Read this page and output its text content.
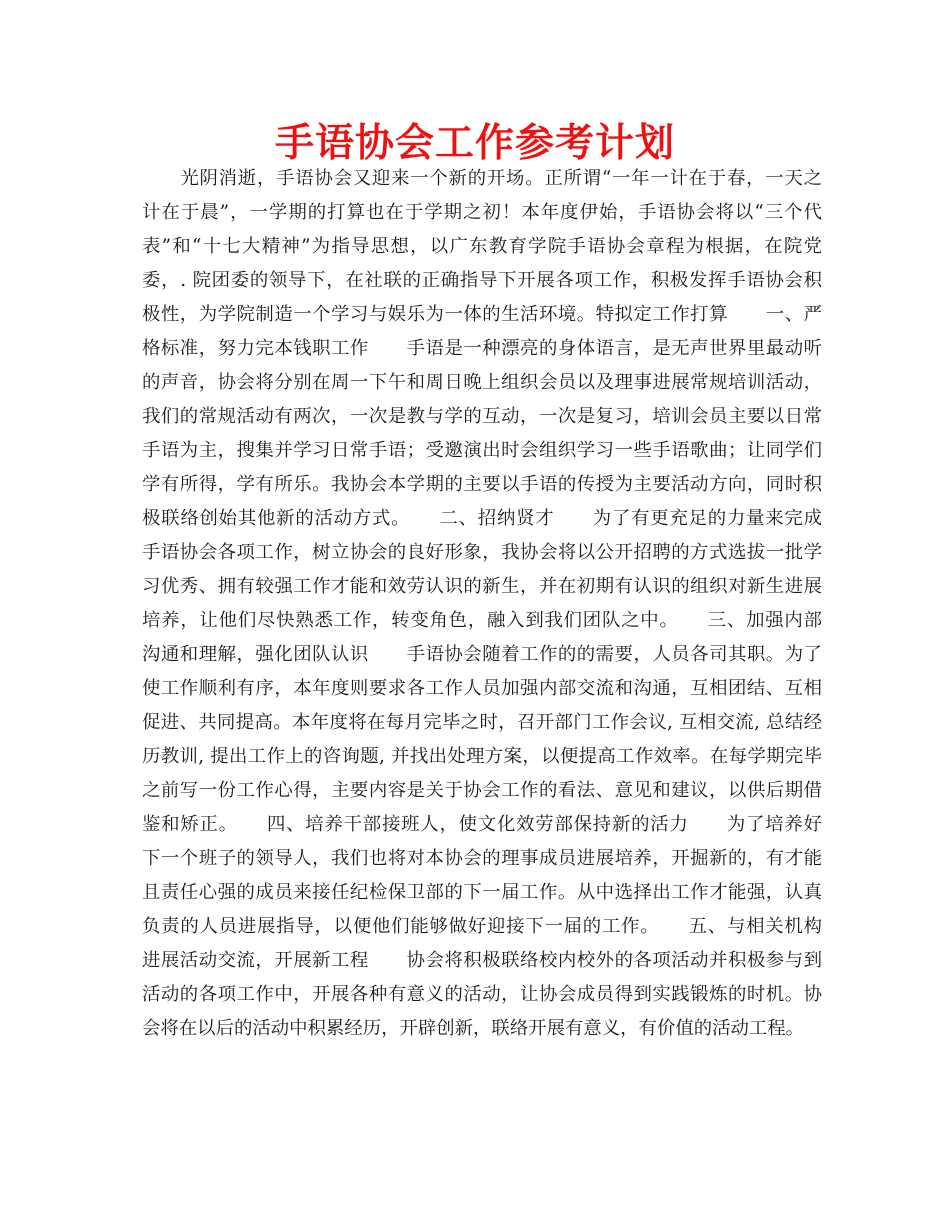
手语协会工作参考计划
　　光阴消逝，手语协会又迎来一个新的开场。正所谓“一年一计在于春，一天之
计在于晨”，一学期的打算也在于学期之初！本年度伊始，手语协会将以“三个代
表”和“十七大精神”为指导思想，以广东教育学院手语协会章程为根据，在院党
委，. 院团委的领导下，在社联的正确指导下开展各项工作，积极发挥手语协会积
极性，为学院制造一个学习与娱乐为一体的生活环境。特拟定工作打算　　一、严
格标准，努力完本钱职工作　　手语是一种漂亮的身体语言，是无声世界里最动听
的声音，协会将分别在周一下午和周日晚上组织会员以及理事进展常规培训活动，
我们的常规活动有两次，一次是教与学的互动，一次是复习，培训会员主要以日常
手语为主，搜集并学习日常手语；受邀演出时会组织学习一些手语歌曲；让同学们
学有所得，学有所乐。我协会本学期的主要以手语的传授为主要活动方向，同时积
极联络创始其他新的活动方式。　　二、招纳贤才　　为了有更充足的力量来完成
手语协会各项工作，树立协会的良好形象，我协会将以公开招聘的方式选拔一批学
习优秀、拥有较强工作才能和效劳认识的新生，并在初期有认识的组织对新生进展
培养，让他们尽快熟悉工作，转变角色，融入到我们团队之中。　　三、加强内部
沟通和理解，强化团队认识　　手语协会随着工作的的需要，人员各司其职。为了
使工作顺利有序，本年度则要求各工作人员加强内部交流和沟通，互相团结、互相
促进、共同提高。本年度将在每月完毕之时，召开部门工作会议, 互相交流, 总结经
历教训, 提出工作上的咨询题, 并找出处理方案，以便提高工作效率。在每学期完毕
之前写一份工作心得，主要内容是关于协会工作的看法、意见和建议，以供后期借
鉴和矫正。　　四、培养干部接班人，使文化效劳部保持新的活力　　为了培养好
下一个班子的领导人，我们也将对本协会的理事成员进展培养，开掘新的，有才能
且责任心强的成员来接任纪检保卫部的下一届工作。从中选择出工作才能强，认真
负责的人员进展指导，以便他们能够做好迎接下一届的工作。　　五、与相关机构
进展活动交流，开展新工程　　协会将积极联络校内校外的各项活动并积极参与到
活动的各项工作中，开展各种有意义的活动，让协会成员得到实践锻炼的时机。协
会将在以后的活动中积累经历，开辟创新，联络开展有意义，有价值的活动工程。
